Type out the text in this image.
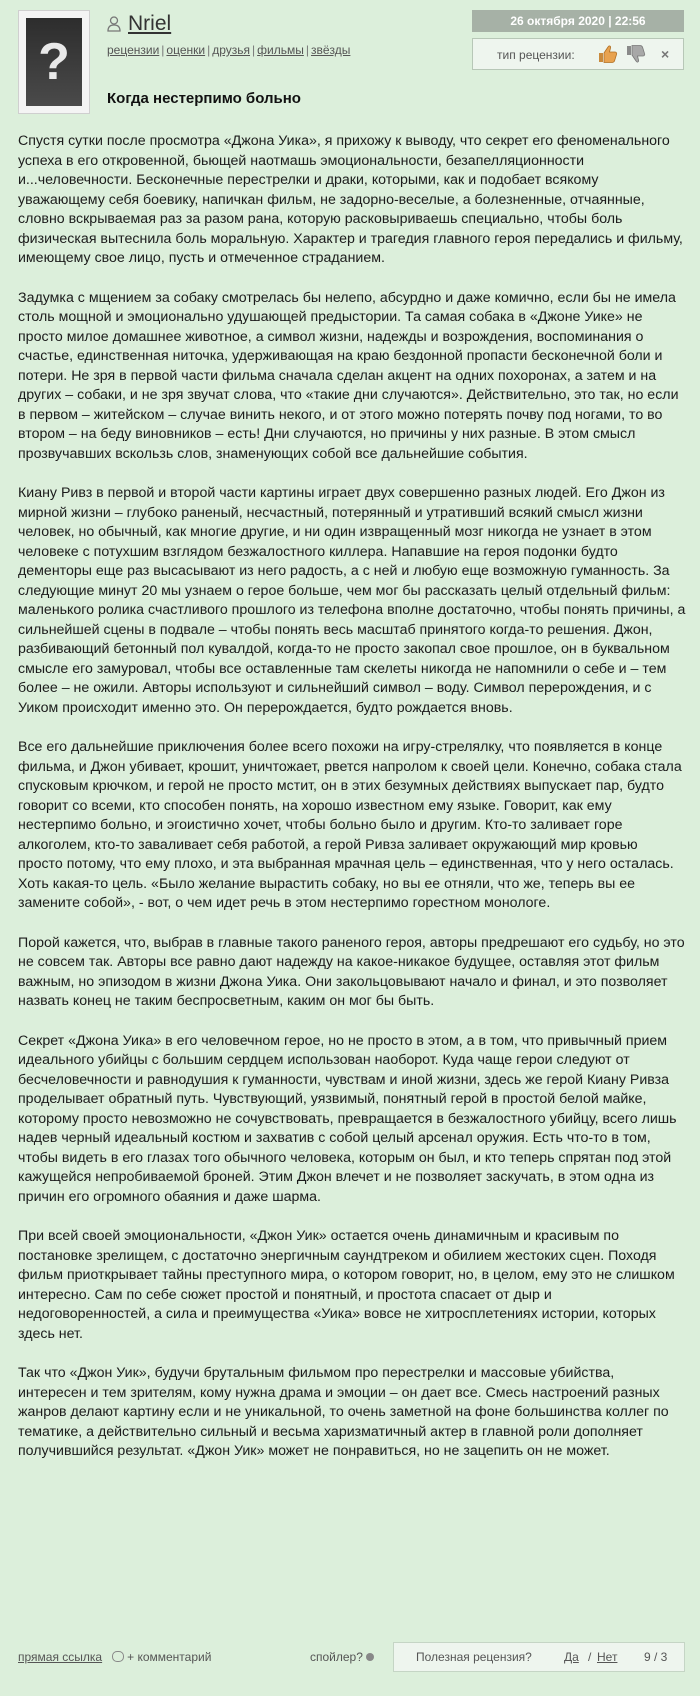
?
Nriel
рецензии | оценки | друзья | фильмы | звёзды
Когда нестерпимо больно
26 октября 2020 | 22:56
тип рецензии:	×

Спустя сутки после просмотра «Джона Уика», я прихожу к выводу, что секрет его феноменального успеха в его откровенной, бьющей наотмашь эмоциональности, безапелляционности и...человечности. Бесконечные перестрелки и драки, которыми, как и подобает всякому уважающему себя боевику, напичкан фильм, не задорно-веселые, а болезненные, отчаянные, словно вскрываемая раз за разом рана, которую расковыриваешь специально, чтобы боль физическая вытеснила боль моральную. Характер и трагедия главного героя передались и фильму, имеющему свое лицо, пусть и отмеченное страданием.

Задумка с мщением за собаку смотрелась бы нелепо, абсурдно и даже комично, если бы не имела столь мощной и эмоционально удушающей предыстории. Та самая собака в «Джоне Уике» не просто милое домашнее животное, а символ жизни, надежды и возрождения, воспоминания о счастье, единственная ниточка, удерживающая на краю бездонной пропасти бесконечной боли и потери. Не зря в первой части фильма сначала сделан акцент на одних похоронах, а затем и на других – собаки, и не зря звучат слова, что «такие дни случаются». Действительно, это так, но если в первом – житейском – случае винить некого, и от этого можно потерять почву под ногами, то во втором – на беду виновников – есть! Дни случаются, но причины у них разные. В этом смысл прозвучавших вскользь слов, знаменующих собой все дальнейшие события.

Киану Ривз в первой и второй части картины играет двух совершенно разных людей. Его Джон из мирной жизни – глубоко раненый, несчастный, потерянный и утративший всякий смысл жизни человек, но обычный, как многие другие, и ни один извращенный мозг никогда не узнает в этом человеке с потухшим взглядом безжалостного киллера. Напавшие на героя подонки будто дементоры еще раз высасывают из него радость, а с ней и любую еще возможную гуманность. За следующие минут 20 мы узнаем о герое больше, чем мог бы рассказать целый отдельный фильм: маленького ролика счастливого прошлого из телефона вполне достаточно, чтобы понять причины, а сильнейшей сцены в подвале – чтобы понять весь масштаб принятого когда-то решения. Джон, разбивающий бетонный пол кувалдой, когда-то не просто закопал свое прошлое, он в буквальном смысле его замуровал, чтобы все оставленные там скелеты никогда не напомнили о себе и – тем более – не ожили. Авторы используют и сильнейший символ – воду. Символ перерождения, и с Уиком происходит именно это. Он перерождается, будто рождается вновь.

Все его дальнейшие приключения более всего похожи на игру-стрелялку, что появляется в конце фильма, и Джон убивает, крошит, уничтожает, рвется напролом к своей цели. Конечно, собака стала спусковым крючком, и герой не просто мстит, он в этих безумных действиях выпускает пар, будто говорит со всеми, кто способен понять, на хорошо известном ему языке. Говорит, как ему нестерпимо больно, и эгоистично хочет, чтобы больно было и другим. Кто-то заливает горе алкоголем, кто-то заваливает себя работой, а герой Ривза заливает окружающий мир кровью просто потому, что ему плохо, и эта выбранная мрачная цель – единственная, что у него осталась. Хоть какая-то цель. «Было желание вырастить собаку, но вы ее отняли, что же, теперь вы ее замените собой», - вот, о чем идет речь в этом нестерпимо горестном монологе.

Порой кажется, что, выбрав в главные такого раненого героя, авторы предрешают его судьбу, но это не совсем так. Авторы все равно дают надежду на какое-никакое будущее, оставляя этот фильм важным, но эпизодом в жизни Джона Уика. Они закольцовывают начало и финал, и это позволяет назвать конец не таким беспросветным, каким он мог бы быть.

Секрет «Джона Уика» в его человечном герое, но не просто в этом, а в том, что привычный прием идеального убийцы с большим сердцем использован наоборот. Куда чаще герои следуют от бесчеловечности и равнодушия к гуманности, чувствам и иной жизни, здесь же герой Киану Ривза проделывает обратный путь. Чувствующий, уязвимый, понятный герой в простой белой майке, которому просто невозможно не сочувствовать, превращается в безжалостного убийцу, всего лишь надев черный идеальный костюм и захватив с собой целый арсенал оружия. Есть что-то в том, чтобы видеть в его глазах того обычного человека, которым он был, и кто теперь спрятан под этой кажущейся непробиваемой броней. Этим Джон влечет и не позволяет заскучать, в этом одна из причин его огромного обаяния и даже шарма.

При всей своей эмоциональности, «Джон Уик» остается очень динамичным и красивым по постановке зрелищем, с достаточно энергичным саундтреком и обилием жестоких сцен. Походя фильм приоткрывает тайны преступного мира, о котором говорит, но, в целом, ему это не слишком интересно. Сам по себе сюжет простой и понятный, и простота спасает от дыр и недоговоренностей, а сила и преимущества «Уика» вовсе не хитросплетениях истории, которых здесь нет.

Так что «Джон Уик», будучи брутальным фильмом про перестрелки и массовые убийства, интересен и тем зрителям, кому нужна драма и эмоции – он дает все. Смесь настроений разных жанров делают картину если и не уникальной, то очень заметной на фоне большинства коллег по тематике, а действительно сильный и весьма харизматичный актер в главной роли дополняет получившийся результат. «Джон Уик» может не понравиться, но не зацепить он не может.

прямая ссылка + комментарий	спойлер?	Полезная рецензия?	Да / Нет 9 / 3
